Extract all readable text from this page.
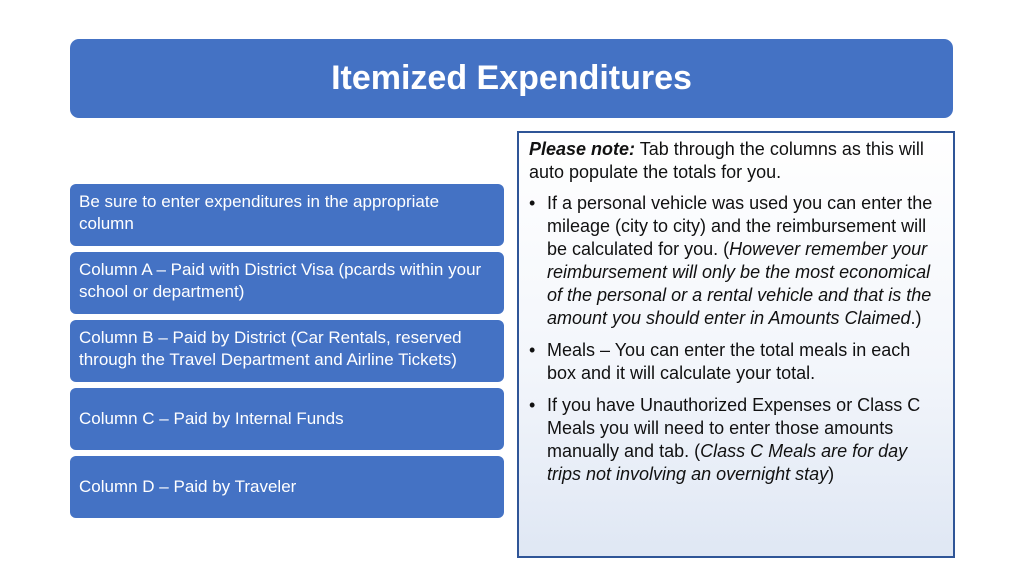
Itemized Expenditures
Be sure to enter expenditures in the appropriate column
Column A – Paid with District Visa (pcards within your school or department)
Column B – Paid by District (Car Rentals, reserved through the Travel Department and Airline Tickets)
Column C – Paid by Internal Funds
Column D – Paid by Traveler

Please note: Tab through the columns as this will auto populate the totals for you.

• If a personal vehicle was used you can enter the mileage (city to city) and the reimbursement will be calculated for you. (However remember your reimbursement will only be the most economical of the personal or a rental vehicle and that is the amount you should enter in Amounts Claimed.)
• Meals – You can enter the total meals in each box and it will calculate your total.
• If you have Unauthorized Expenses or Class C Meals you will need to enter those amounts manually and tab. (Class C Meals are for day trips not involving an overnight stay)
